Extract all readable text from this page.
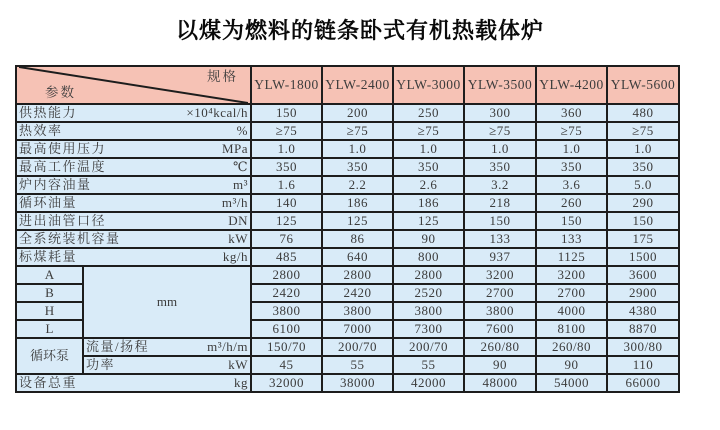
以煤为燃料的链条卧式有机热载体炉
规格
参数		YLW-1800	YLW-2400	YLW-3000	YLW-3500	YLW-4200	YLW-5600

供热能力 ×10⁴kcal/h		150	200	250	300	360	480

热效率 %		≥75	≥75	≥75	≥75	≥75	≥75

最高使用压力 MPa		1.0	1.0	1.0	1.0	1.0	1.0

最高工作温度 ℃		350	350	350	350	350	350

炉内容油量 m³		1.6	2.2	2.6	3.2	3.6	5.0

循环油量 m³/h		140	186	186	218	260	290

进出油管口径 DN		125	125	125	150	150	150

全系统装机容量 kW		76	86	90	133	133	175

标煤耗量 kg/h		485	640	800	937	1125	1500
A	mm	2800	2800	2800	3200	3200	3600
B		2420	2420	2520	2700	2700	2900
H		3800	3800	3800	3800	4000	4380
L		6100	7000	7300	7600	8100	8870
循环泵	流量/扬程 m³/h/m	150/70	200/70	200/70	260/80	260/80	300/80

	功率 kW	45	55	55	90	90	110

设备总重 kg		32000	38000	42000	48000	54000	66000
